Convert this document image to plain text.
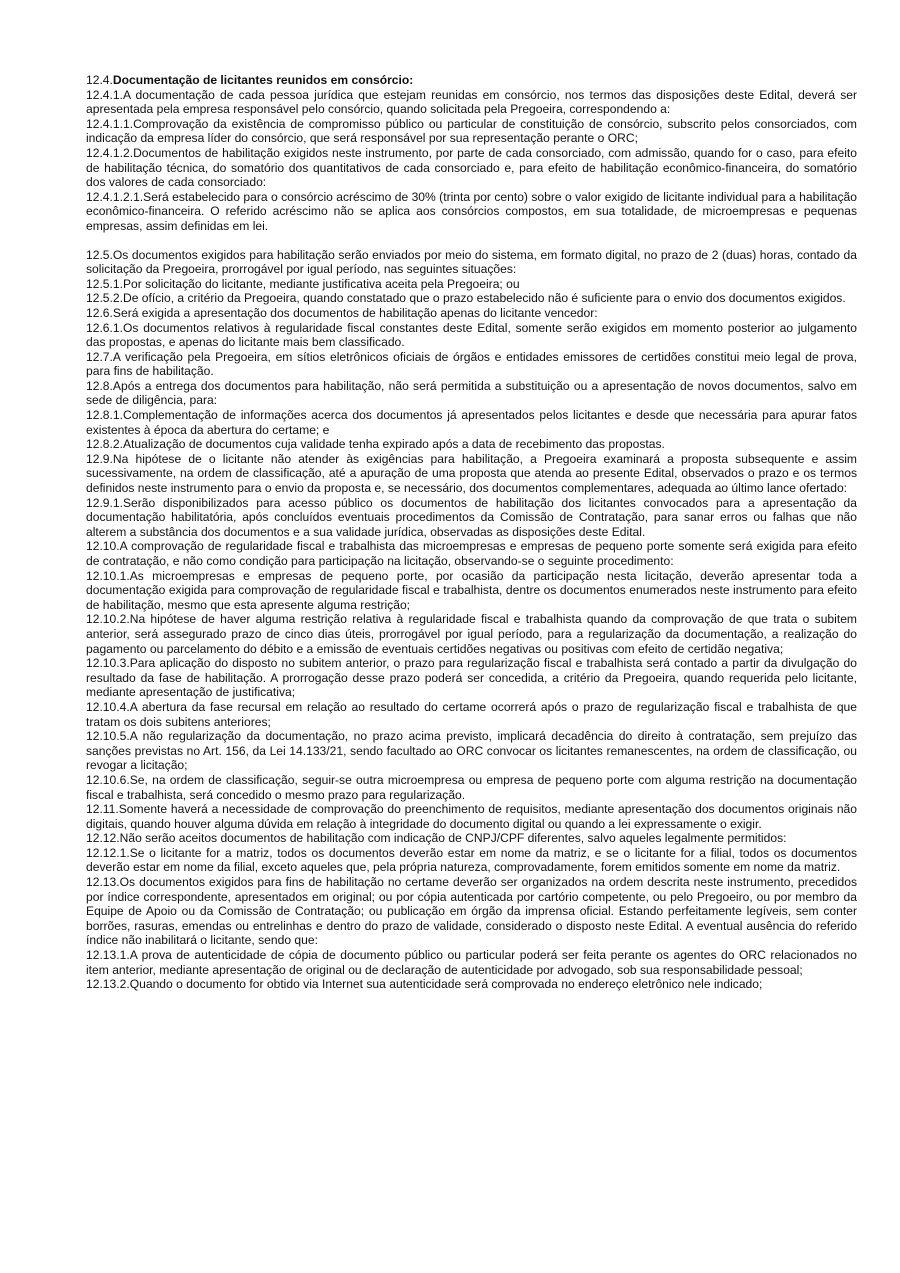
12.4.Documentação de licitantes reunidos em consórcio:

12.4.1.A documentação de cada pessoa jurídica que estejam reunidas em consórcio, nos termos das disposições deste Edital, deverá ser apresentada pela empresa responsável pelo consórcio, quando solicitada pela Pregoeira, correspondendo a:

12.4.1.1.Comprovação da existência de compromisso público ou particular de constituição de consórcio, subscrito pelos consorciados, com indicação da empresa líder do consórcio, que será responsável por sua representação perante o ORC;

12.4.1.2.Documentos de habilitação exigidos neste instrumento, por parte de cada consorciado, com admissão, quando for o caso, para efeito de habilitação técnica, do somatório dos quantitativos de cada consorciado e, para efeito de habilitação econômico-financeira, do somatório dos valores de cada consorciado:

12.4.1.2.1.Será estabelecido para o consórcio acréscimo de 30% (trinta por cento) sobre o valor exigido de licitante individual para a habilitação econômico-financeira. O referido acréscimo não se aplica aos consórcios compostos, em sua totalidade, de microempresas e pequenas empresas, assim definidas em lei.

12.5.Os documentos exigidos para habilitação serão enviados por meio do sistema, em formato digital, no prazo de 2 (duas) horas, contado da solicitação da Pregoeira, prorrogável por igual período, nas seguintes situações:

12.5.1.Por solicitação do licitante, mediante justificativa aceita pela Pregoeira; ou

12.5.2.De ofício, a critério da Pregoeira, quando constatado que o prazo estabelecido não é suficiente para o envio dos documentos exigidos.

12.6.Será exigida a apresentação dos documentos de habilitação apenas do licitante vencedor:

12.6.1.Os documentos relativos à regularidade fiscal constantes deste Edital, somente serão exigidos em momento posterior ao julgamento das propostas, e apenas do licitante mais bem classificado.

12.7.A verificação pela Pregoeira, em sítios eletrônicos oficiais de órgãos e entidades emissores de certidões constitui meio legal de prova, para fins de habilitação.

12.8.Após a entrega dos documentos para habilitação, não será permitida a substituição ou a apresentação de novos documentos, salvo em sede de diligência, para:

12.8.1.Complementação de informações acerca dos documentos já apresentados pelos licitantes e desde que necessária para apurar fatos existentes à época da abertura do certame; e

12.8.2.Atualização de documentos cuja validade tenha expirado após a data de recebimento das propostas.

12.9.Na hipótese de o licitante não atender às exigências para habilitação, a Pregoeira examinará a proposta subsequente e assim sucessivamente, na ordem de classificação, até a apuração de uma proposta que atenda ao presente Edital, observados o prazo e os termos definidos neste instrumento para o envio da proposta e, se necessário, dos documentos complementares, adequada ao último lance ofertado:

12.9.1.Serão disponibilizados para acesso público os documentos de habilitação dos licitantes convocados para a apresentação da documentação habilitatória, após concluídos eventuais procedimentos da Comissão de Contratação, para sanar erros ou falhas que não alterem a substância dos documentos e a sua validade jurídica, observadas as disposições deste Edital.

12.10.A comprovação de regularidade fiscal e trabalhista das microempresas e empresas de pequeno porte somente será exigida para efeito de contratação, e não como condição para participação na licitação, observando-se o seguinte procedimento:

12.10.1.As microempresas e empresas de pequeno porte, por ocasião da participação nesta licitação, deverão apresentar toda a documentação exigida para comprovação de regularidade fiscal e trabalhista, dentre os documentos enumerados neste instrumento para efeito de habilitação, mesmo que esta apresente alguma restrição;

12.10.2.Na hipótese de haver alguma restrição relativa à regularidade fiscal e trabalhista quando da comprovação de que trata o subitem anterior, será assegurado prazo de cinco dias úteis, prorrogável por igual período, para a regularização da documentação, a realização do pagamento ou parcelamento do débito e a emissão de eventuais certidões negativas ou positivas com efeito de certidão negativa;

12.10.3.Para aplicação do disposto no subitem anterior, o prazo para regularização fiscal e trabalhista será contado a partir da divulgação do resultado da fase de habilitação. A prorrogação desse prazo poderá ser concedida, a critério da Pregoeira, quando requerida pelo licitante, mediante apresentação de justificativa;

12.10.4.A abertura da fase recursal em relação ao resultado do certame ocorrerá após o prazo de regularização fiscal e trabalhista de que tratam os dois subitens anteriores;

12.10.5.A não regularização da documentação, no prazo acima previsto, implicará decadência do direito à contratação, sem prejuízo das sanções previstas no Art. 156, da Lei 14.133/21, sendo facultado ao ORC convocar os licitantes remanescentes, na ordem de classificação, ou revogar a licitação;

12.10.6.Se, na ordem de classificação, seguir-se outra microempresa ou empresa de pequeno porte com alguma restrição na documentação fiscal e trabalhista, será concedido o mesmo prazo para regularização.

12.11.Somente haverá a necessidade de comprovação do preenchimento de requisitos, mediante apresentação dos documentos originais não digitais, quando houver alguma dúvida em relação à integridade do documento digital ou quando a lei expressamente o exigir.

12.12.Não serão aceitos documentos de habilitação com indicação de CNPJ/CPF diferentes, salvo aqueles legalmente permitidos:

12.12.1.Se o licitante for a matriz, todos os documentos deverão estar em nome da matriz, e se o licitante for a filial, todos os documentos deverão estar em nome da filial, exceto aqueles que, pela própria natureza, comprovadamente, forem emitidos somente em nome da matriz.

12.13.Os documentos exigidos para fins de habilitação no certame deverão ser organizados na ordem descrita neste instrumento, precedidos por índice correspondente, apresentados em original; ou por cópia autenticada por cartório competente, ou pelo Pregoeiro, ou por membro da Equipe de Apoio ou da Comissão de Contratação; ou publicação em órgão da imprensa oficial. Estando perfeitamente legíveis, sem conter borrões, rasuras, emendas ou entrelinhas e dentro do prazo de validade, considerado o disposto neste Edital. A eventual ausência do referido índice não inabilitará o licitante, sendo que:

12.13.1.A prova de autenticidade de cópia de documento público ou particular poderá ser feita perante os agentes do ORC relacionados no item anterior, mediante apresentação de original ou de declaração de autenticidade por advogado, sob sua responsabilidade pessoal;

12.13.2.Quando o documento for obtido via Internet sua autenticidade será comprovada no endereço eletrônico nele indicado;
